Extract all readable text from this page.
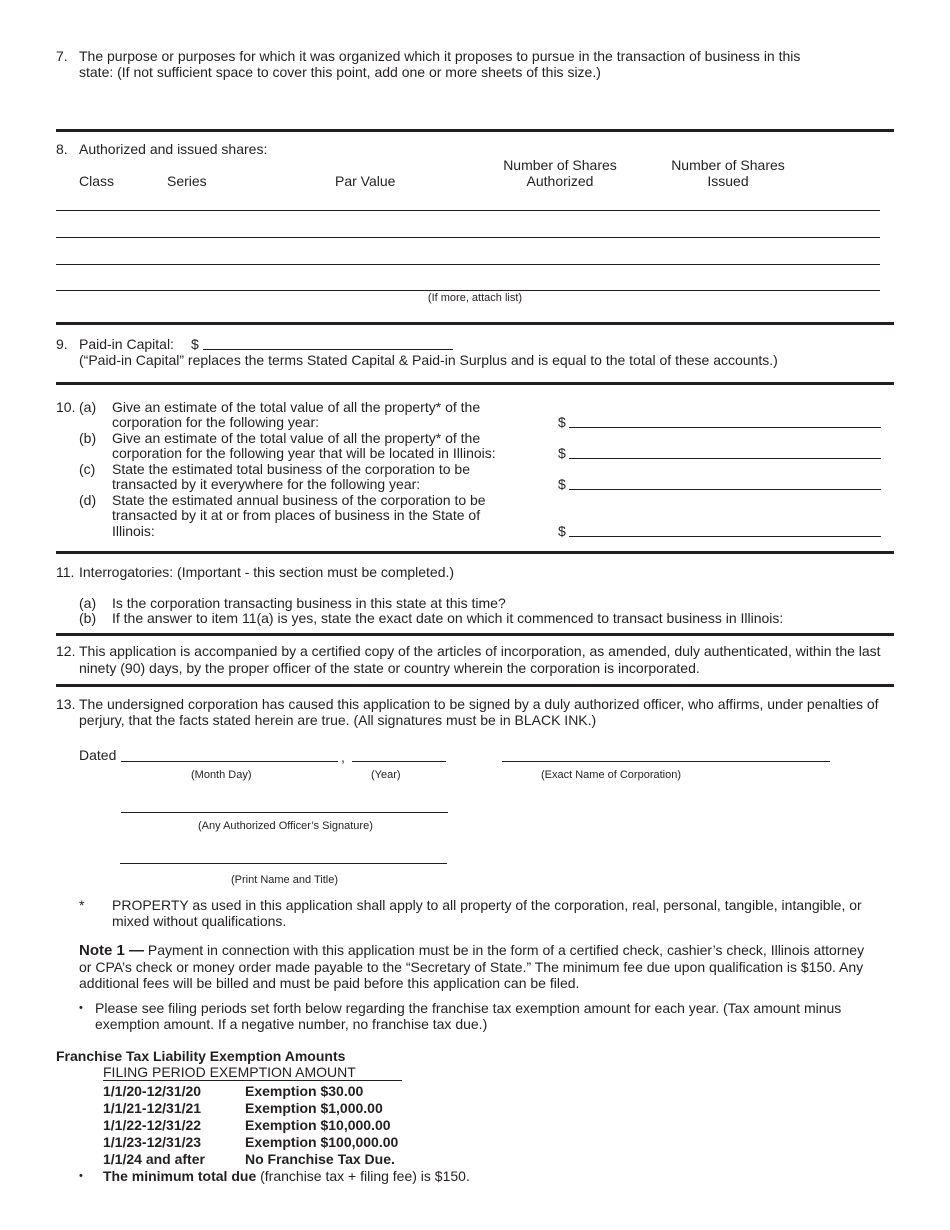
7. The purpose or purposes for which it was organized which it proposes to pursue in the transaction of business in this
state: (If not sufficient space to cover this point, add one or more sheets of this size.)
8. Authorized and issued shares:
Class	Series	Par Value
Number of Shares
Authorized
Number of Shares
Issued
(If more, attach list)
9. Paid-in Capital: $
(“Paid-in Capital” replaces the terms Stated Capital & Paid-in Surplus and is equal to the total of these accounts.)
10. (a) Give an estimate of the total value of all the property* of the
corporation for the following year:
(b) Give an estimate of the total value of all the property* of the
corporation for the following year that will be located in Illinois:
(c) State the estimated total business of the corporation to be
transacted by it everywhere for the following year:
(d) State the estimated annual business of the corporation to be
transacted by it at or from places of business in the State of
Illinois:
$
$
$
$
11. Interrogatories: (Important - this section must be completed.)
(a) Is the corporation transacting business in this state at this time?
(b) If the answer to item 11(a) is yes, state the exact date on which it commenced to transact business in Illinois:
12. This application is accompanied by a certified copy of the articles of incorporation, as amended, duly authenticated, within the last
ninety (90) days, by the proper officer of the state or country wherein the corporation is incorporated.
13. The undersigned corporation has caused this application to be signed by a duly authorized officer, who affirms, under penalties of
perjury, that the facts stated herein are true. (All signatures must be in BLACK INK.)
Dated	,
(Month Day)	(Year)	(Exact Name of Corporation)
(Any Authorized Officer’s Signature)
(Print Name and Title)
* PROPERTY as used in this application shall apply to all property of the corporation, real, personal, tangible, intangible, or
mixed without qualifications.
Note 1 — Payment in connection with this application must be in the form of a certified check, cashier’s check, Illinois attorney
or CPA’s check or money order made payable to the “Secretary of State.” The minimum fee due upon qualification is $150. Any
additional fees will be billed and must be paid before this application can be filed.
• Please see filing periods set forth below regarding the franchise tax exemption amount for each year. (Tax amount minus
exemption amount. If a negative number, no franchise tax due.)
Franchise Tax Liability Exemption Amounts
FILING PERIOD EXEMPTION AMOUNT
1/1/20-12/31/20	Exemption $30.00
1/1/21-12/31/21	Exemption $1,000.00
1/1/22-12/31/22	Exemption $10,000.00
1/1/23-12/31/23	Exemption $100,000.00
1/1/24 and after	No Franchise Tax Due.
• The minimum total due (franchise tax + filing fee) is $150.
